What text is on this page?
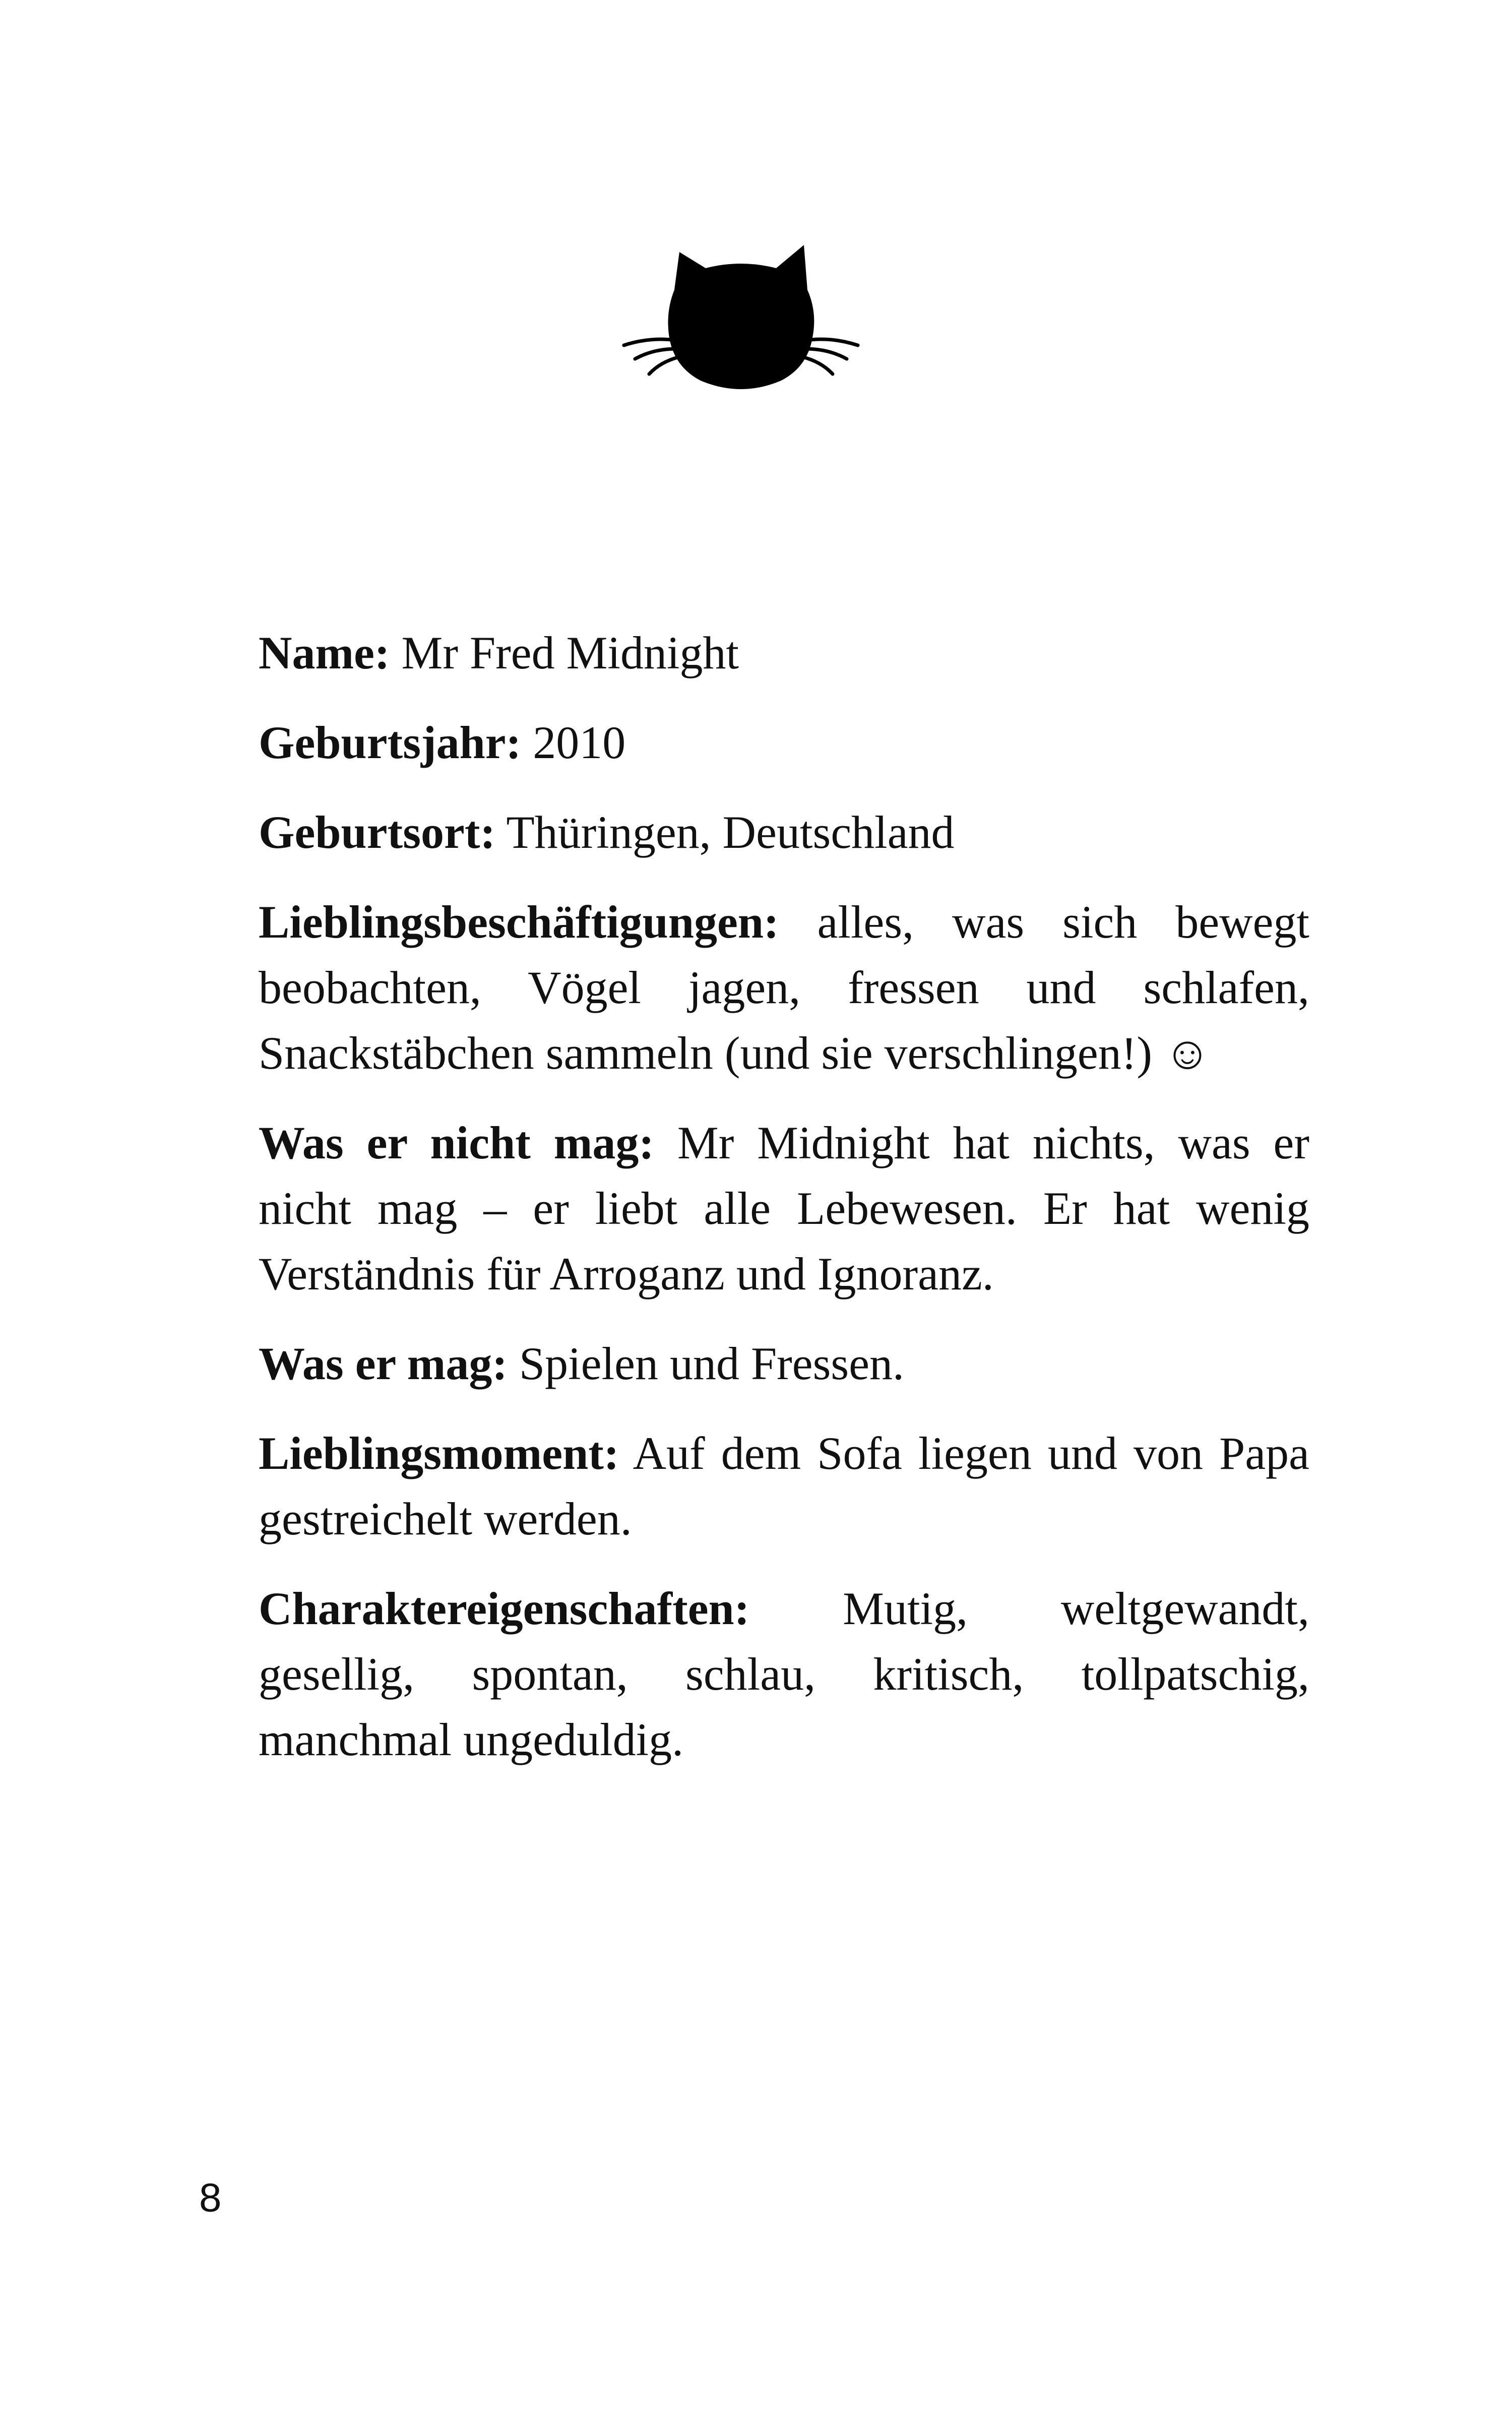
Name: Mr Fred Midnight

Geburtsjahr: 2010

Geburtsort: Thüringen, Deutschland

Lieblingsbeschäftigungen: alles, was sich bewegt beobachten, Vögel jagen, fressen und schlafen, Snackstäbchen sammeln (und sie verschlingen!) ☺

Was er nicht mag: Mr Midnight hat nichts, was er nicht mag – er liebt alle Lebewesen. Er hat wenig Verständnis für Arroganz und Ignoranz.

Was er mag: Spielen und Fressen.

Lieblingsmoment: Auf dem Sofa liegen und von Papa gestreichelt werden.

Charaktereigenschaften: Mutig, weltgewandt, gesellig, spontan, schlau, kritisch, tollpatschig, manchmal ungeduldig.

8
